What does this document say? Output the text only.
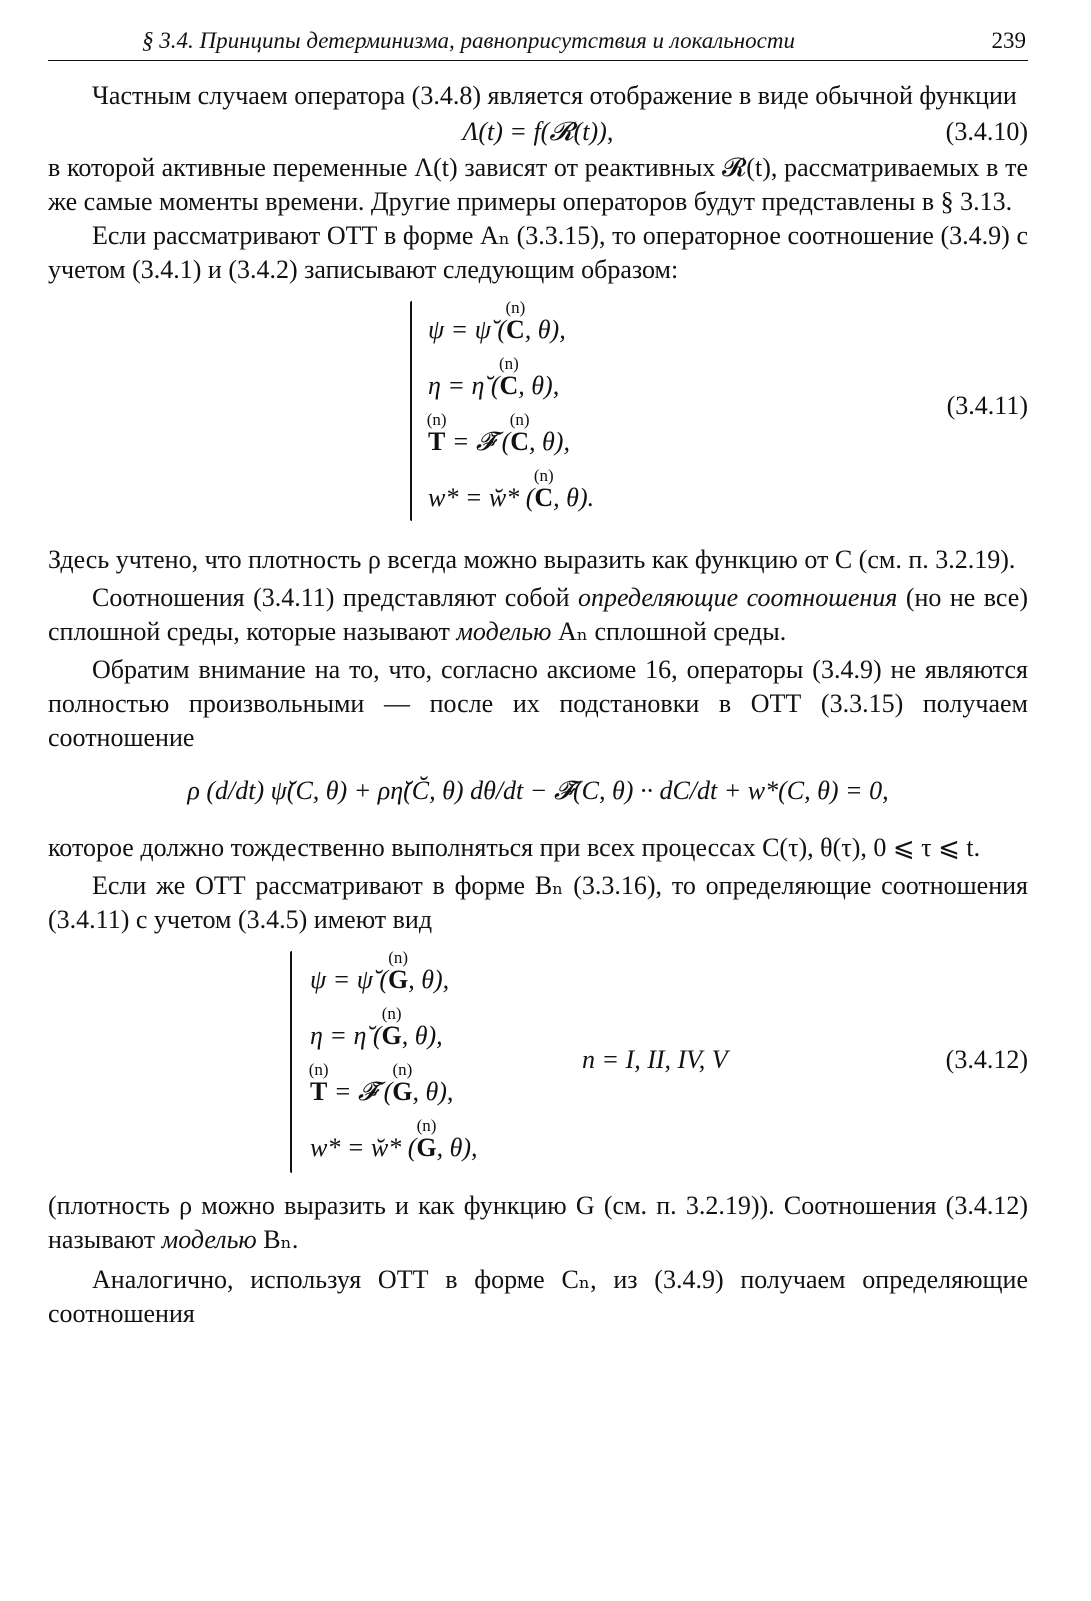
§ 3.4. Принципы детерминизма, равноприсутствия и локальности	239

Частным случаем оператора (3.4.8) является отображение в виде обычной функции

Λ(t) = f(𝓡(t)),	(3.4.10)

в которой активные переменные Λ(t) зависят от реактивных 𝓡(t), рассматриваемых в те же самые моменты времени. Другие примеры операторов будут представлены в § 3.13.

Если рассматривают ОТТ в форме Aₙ (3.3.15), то операторное соотношение (3.4.9) с учетом (3.4.1) и (3.4.2) записывают следующим образом:

ψ = ψ̆ ((n) C, θ),
η = η̆ ((n) C, θ),
(n) T = 𝓕̆ ((n) C, θ),
w* = w̆* ((n) C, θ).
(3.4.11)

Здесь учтено, что плотность ρ всегда можно выразить как функцию от C (см. п. 3.2.19).

Соотношения (3.4.11) представляют собой определяющие соотношения (но не все) сплошной среды, которые называют моделью Aₙ сплошной среды.

Обратим внимание на то, что, согласно аксиоме 16, операторы (3.4.9) не являются полностью произвольными — после их подстановки в ОТТ (3.3.15) получаем соотношение

ρ (d/dt) ψ̆(C, θ) + ρη̆(C̆, θ) dθ/dt − 𝓕̆(C, θ) ·· dC/dt + w*(C, θ) = 0,

которое должно тождественно выполняться при всех процессах C(τ), θ(τ), 0 ⩽ τ ⩽ t.

Если же ОТТ рассматривают в форме Bₙ (3.3.16), то определяющие соотношения (3.4.11) с учетом (3.4.5) имеют вид

ψ = ψ̆ ((n) G, θ),
η = η̆ ((n) G, θ),
(n) T = 𝓕̆ ((n) G, θ),
w* = w̆* ((n) G, θ),
n = I, II, IV, V	(3.4.12)

(плотность ρ можно выразить и как функцию G (см. п. 3.2.19)). Соотношения (3.4.12) называют моделью Bₙ.

Аналогично, используя ОТТ в форме Cₙ, из (3.4.9) получаем определяющие соотношения
